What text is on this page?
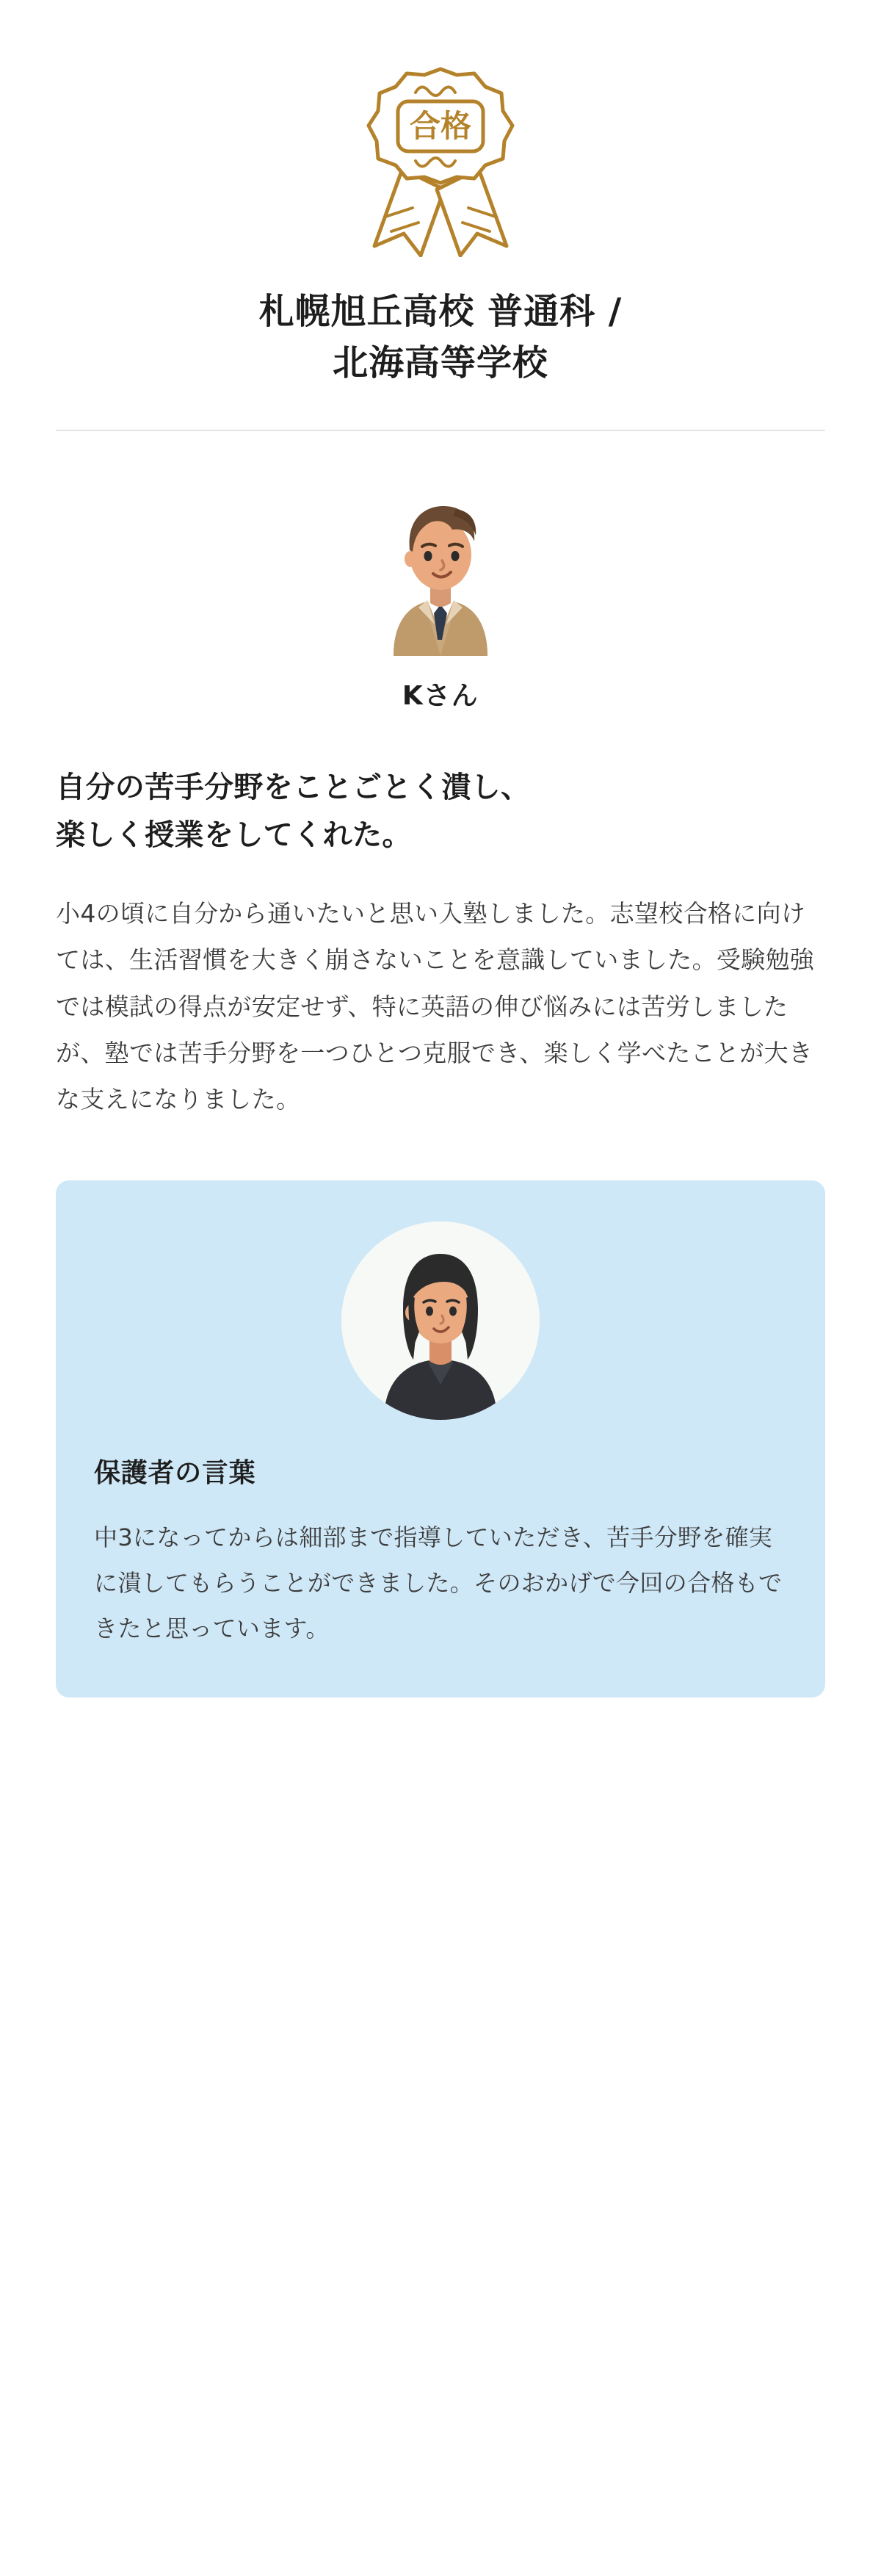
合格
札幌旭丘高校 普通科 /
北海高等学校
Kさん
自分の苦手分野をことごとく潰し、
楽しく授業をしてくれた。

小4の頃に自分から通いたいと思い入塾しました。志望校合格に向けては、生活習慣を大きく崩さないことを意識していました。受験勉強では模試の得点が安定せず、特に英語の伸び悩みには苦労しましたが、塾では苦手分野を一つひとつ克服でき、楽しく学べたことが大きな支えになりました。

保護者の言葉

中3になってからは細部まで指導していただき、苦手分野を確実に潰してもらうことができました。そのおかげで今回の合格もできたと思っています。
